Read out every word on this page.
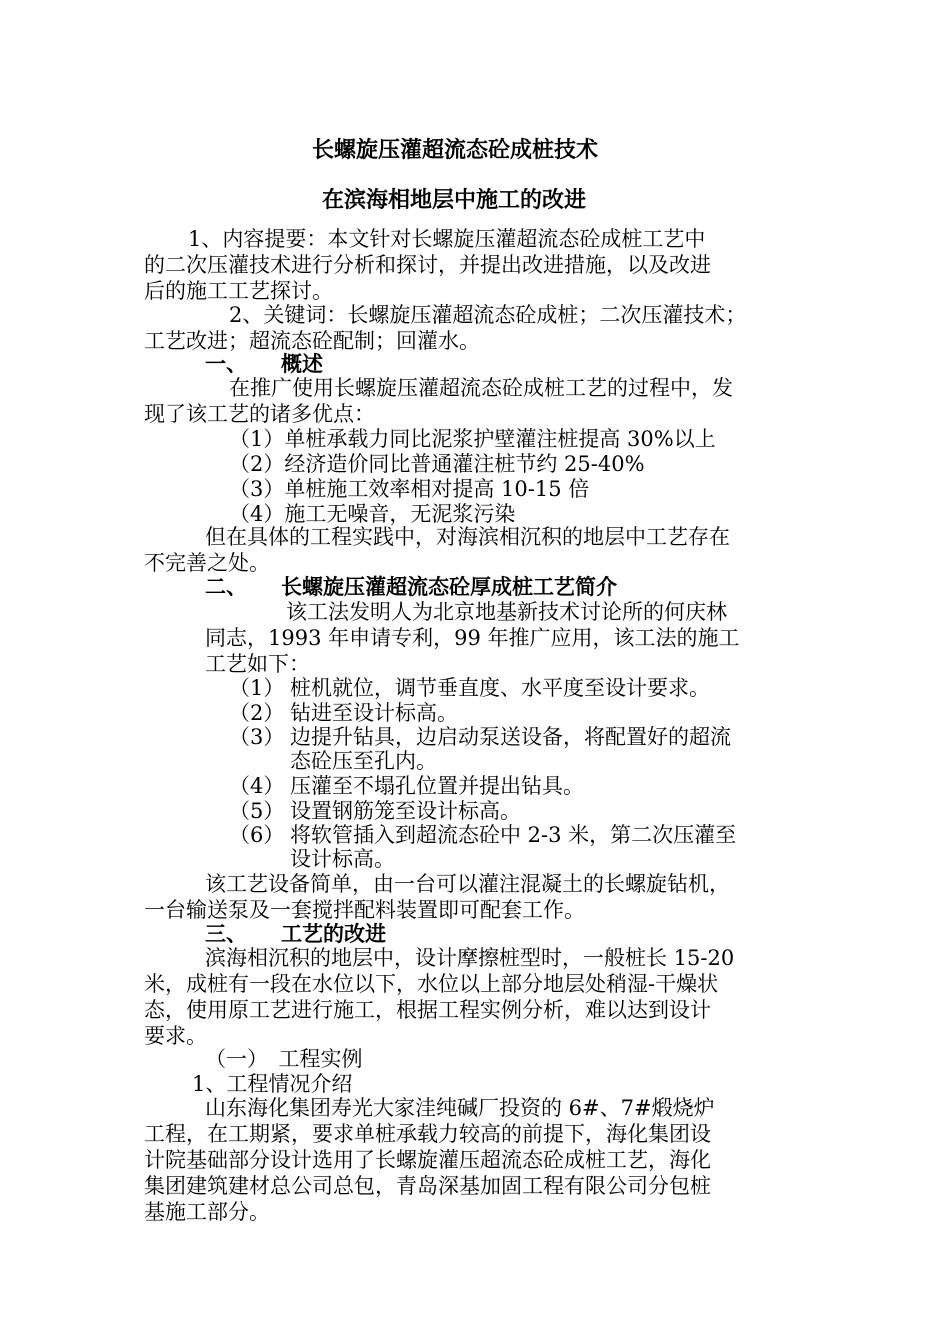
长螺旋压灌超流态砼成桩技术
在滨海相地层中施工的改进
1、内容提要：本文针对长螺旋压灌超流态砼成桩工艺中
的二次压灌技术进行分析和探讨，并提出改进措施，以及改进
后的施工工艺探讨。
2、关键词：长螺旋压灌超流态砼成桩；二次压灌技术；
工艺改进；超流态砼配制；回灌水。
一、 概述
在推广使用长螺旋压灌超流态砼成桩工艺的过程中，发
现了该工艺的诸多优点：
（1）单桩承载力同比泥浆护壁灌注桩提高 30%以上
（2）经济造价同比普通灌注桩节约 25-40%
（3）单桩施工效率相对提高 10-15 倍
（4）施工无噪音，无泥浆污染
但在具体的工程实践中，对海滨相沉积的地层中工艺存在
不完善之处。
二、 长螺旋压灌超流态砼厚成桩工艺简介
该工法发明人为北京地基新技术讨论所的何庆林
同志，1993 年申请专利，99 年推广应用，该工法的施工
工艺如下：
（1） 桩机就位，调节垂直度、水平度至设计要求。
（2） 钻进至设计标高。
（3） 边提升钻具，边启动泵送设备，将配置好的超流
态砼压至孔内。
（4） 压灌至不塌孔位置并提出钻具。
（5） 设置钢筋笼至设计标高。
（6） 将软管插入到超流态砼中 2-3 米，第二次压灌至
设计标高。
该工艺设备简单，由一台可以灌注混凝土的长螺旋钻机，
一台输送泵及一套搅拌配料装置即可配套工作。
三、 工艺的改进
滨海相沉积的地层中，设计摩擦桩型时，一般桩长 15-20
米，成桩有一段在水位以下，水位以上部分地层处稍湿-干燥状
态，使用原工艺进行施工，根据工程实例分析，难以达到设计
要求。
（一）　工程实例
1、工程情况介绍
山东海化集团寿光大家洼纯碱厂投资的 6#、7#煅烧炉
工程，在工期紧，要求单桩承载力较高的前提下，海化集团设
计院基础部分设计选用了长螺旋灌压超流态砼成桩工艺，海化
集团建筑建材总公司总包，青岛深基加固工程有限公司分包桩
基施工部分。
